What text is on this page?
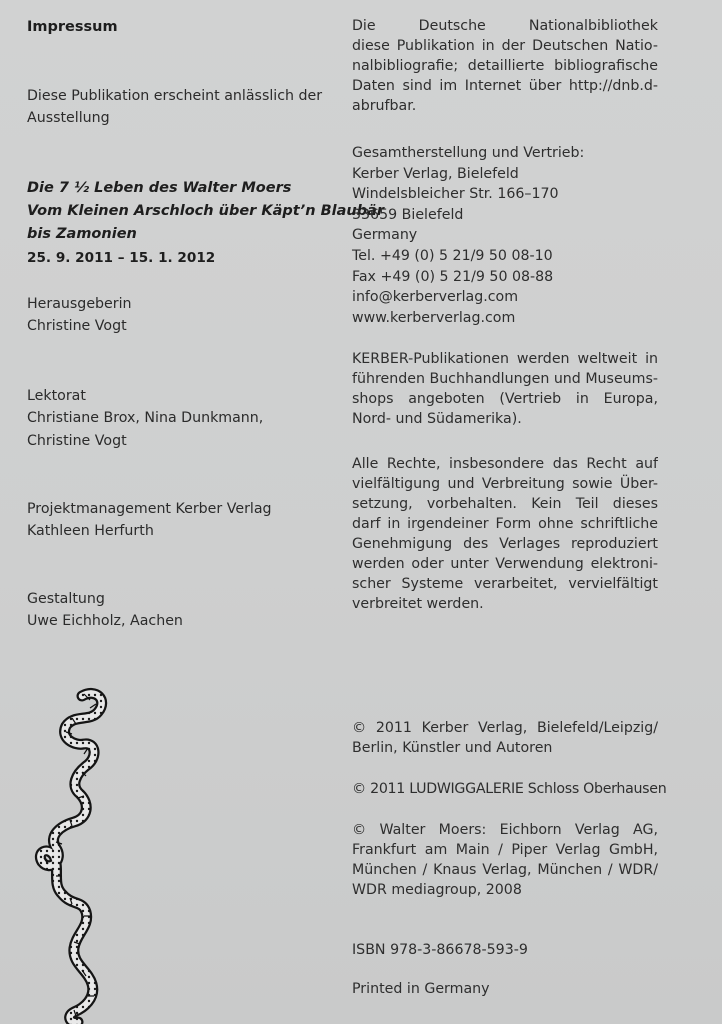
Impressum
Diese Publikation erscheint anlässlich der
Ausstellung
Die 7 ½ Leben des Walter Moers
Vom Kleinen Arschloch über Käpt’n Blaubär
bis Zamonien
25. 9. 2011 – 15. 1. 2012
Herausgeberin
Christine Vogt
Lektorat
Christiane Brox, Nina Dunkmann,
Christine Vogt
Projektmanagement Kerber Verlag
Kathleen Herfurth
Gestaltung
Uwe Eichholz, Aachen
Die Deutsche Nationalbibliothek
diese Publikation in der Deutschen Natio-
nalbibliografie; detaillierte bibliografische
Daten sind im Internet über http://dnb.d-
abrufbar.
Gesamtherstellung und Vertrieb:
Kerber Verlag, Bielefeld
Windelsbleicher Str. 166–170
33659 Bielefeld
Germany
Tel. +49 (0) 5 21/9 50 08-10
Fax +49 (0) 5 21/9 50 08-88
info@kerberverlag.com
www.kerberverlag.com
KERBER-Publikationen werden weltweit in
führenden Buchhandlungen und Museums-
shops angeboten (Vertrieb in Europa,
Nord- und Südamerika).
Alle Rechte, insbesondere das Recht auf
vielfältigung und Verbreitung sowie Über-
setzung, vorbehalten. Kein Teil dieses
darf in irgendeiner Form ohne schriftliche
Genehmigung des Verlages reproduziert
werden oder unter Verwendung elektroni-
scher Systeme verarbeitet, vervielfältigt
verbreitet werden.
© 2011 Kerber Verlag, Bielefeld/Leipzig/
Berlin, Künstler und Autoren
© 2011 LUDWIGGALERIE Schloss Oberhausen
© Walter Moers: Eichborn Verlag AG,
Frankfurt am Main / Piper Verlag GmbH,
München / Knaus Verlag, München / WDR/
WDR mediagroup, 2008
ISBN 978-3-86678-593-9
Printed in Germany
